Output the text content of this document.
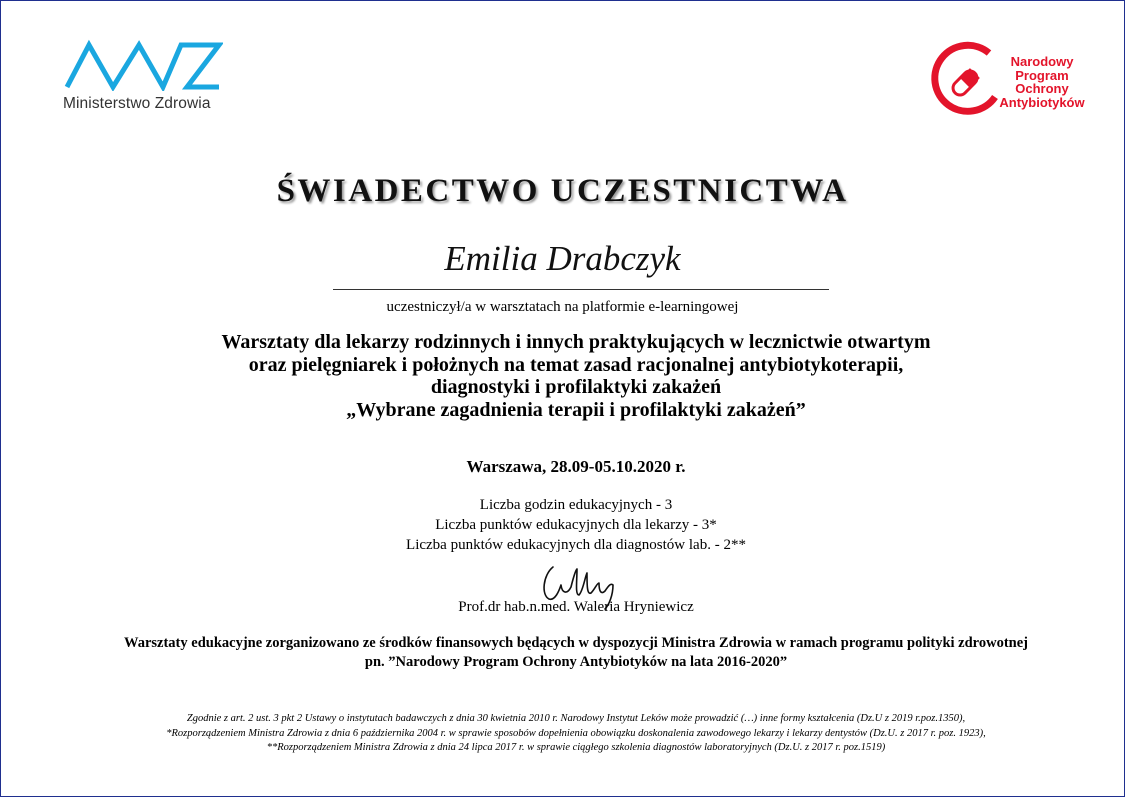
Ministerstwo Zdrowia
Narodowy
Program
Ochrony
Antybiotyków
ŚWIADECTWO UCZESTNICTWA
Emilia Drabczyk
uczestniczył/a w warsztatach na platformie e-learningowej
Warsztaty dla lekarzy rodzinnych i innych praktykujących w lecznictwie otwartym
oraz pielęgniarek i położnych na temat zasad racjonalnej antybiotykoterapii,
diagnostyki i profilaktyki zakażeń
„Wybrane zagadnienia terapii i profilaktyki zakażeń”
Warszawa, 28.09-05.10.2020 r.
Liczba godzin edukacyjnych - 3
Liczba punktów edukacyjnych dla lekarzy - 3*
Liczba punktów edukacyjnych dla diagnostów lab. - 2**
Prof.dr hab.n.med. Waleria Hryniewicz
Warsztaty edukacyjne zorganizowano ze środków finansowych będących w dyspozycji Ministra Zdrowia w ramach programu polityki zdrowotnej
pn. ”Narodowy Program Ochrony Antybiotyków na lata 2016-2020”
Zgodnie z art. 2 ust. 3 pkt 2 Ustawy o instytutach badawczych z dnia 30 kwietnia 2010 r. Narodowy Instytut Leków może prowadzić (…) inne formy kształcenia (Dz.U z 2019 r.poz.1350),
*Rozporządzeniem Ministra Zdrowia z dnia 6 października 2004 r. w sprawie sposobów dopełnienia obowiązku doskonalenia zawodowego lekarzy i lekarzy dentystów (Dz.U. z 2017 r. poz. 1923),
**Rozporządzeniem Ministra Zdrowia z dnia 24 lipca 2017 r. w sprawie ciągłego szkolenia diagnostów laboratoryjnych (Dz.U. z 2017 r. poz.1519)
